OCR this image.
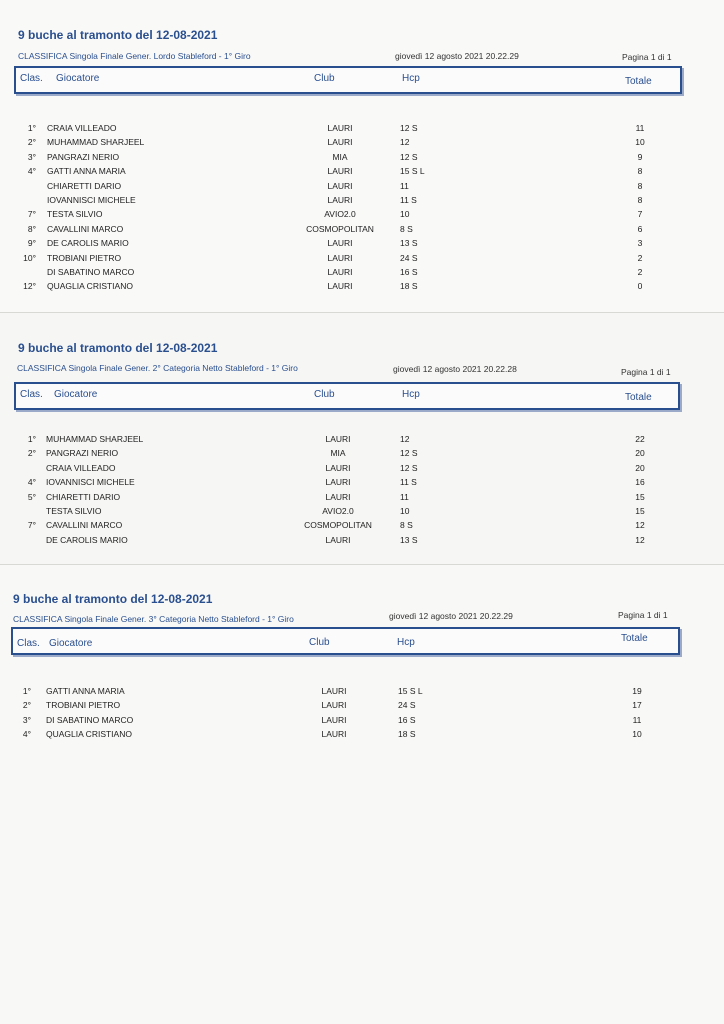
9 buche al tramonto del 12-08-2021
CLASSIFICA Singola Finale Gener. Lordo Stableford - 1° Giro	giovedì 12 agosto 2021 20.22.29	Pagina 1 di 1
Clas. Giocatore	Club	Hcp	Totale
1° CRAIA VILLEADO	LAURI	12 S	11
2° MUHAMMAD SHARJEEL	LAURI	12	10
3° PANGRAZI NERIO	MIA	12 S	9
4° GATTI ANNA MARIA	LAURI	15 S L	8
CHIARETTI DARIO	LAURI	11	8
IOVANNISCI MICHELE	LAURI	11 S	8
7° TESTA SILVIO	AVIO2.0	10	7
8° CAVALLINI MARCO	COSMOPOLITAN	8 S	6
9° DE CAROLIS MARIO	LAURI	13 S	3
10° TROBIANI PIETRO	LAURI	24 S	2
DI SABATINO MARCO	LAURI	16 S	2
12° QUAGLIA CRISTIANO	LAURI	18 S	0
9 buche al tramonto del 12-08-2021
CLASSIFICA Singola Finale Gener. 2° Categoria Netto Stableford - 1° Giro	giovedì 12 agosto 2021 20.22.28	Pagina 1 di 1
Clas. Giocatore	Club	Hcp	Totale
1° MUHAMMAD SHARJEEL	LAURI	12	22
2° PANGRAZI NERIO	MIA	12 S	20
CRAIA VILLEADO	LAURI	12 S	20
4° IOVANNISCI MICHELE	LAURI	11 S	16
5° CHIARETTI DARIO	LAURI	11	15
TESTA SILVIO	AVIO2.0	10	15
7° CAVALLINI MARCO	COSMOPOLITAN	8 S	12
DE CAROLIS MARIO	LAURI	13 S	12
9 buche al tramonto del 12-08-2021
CLASSIFICA Singola Finale Gener. 3° Categoria Netto Stableford - 1° Giro	giovedì 12 agosto 2021 20.22.29	Pagina 1 di 1
Clas. Giocatore	Club	Hcp	Totale
1° GATTI ANNA MARIA	LAURI	15 S L	19
2° TROBIANI PIETRO	LAURI	24 S	17
3° DI SABATINO MARCO	LAURI	16 S	11
4° QUAGLIA CRISTIANO	LAURI	18 S	10
